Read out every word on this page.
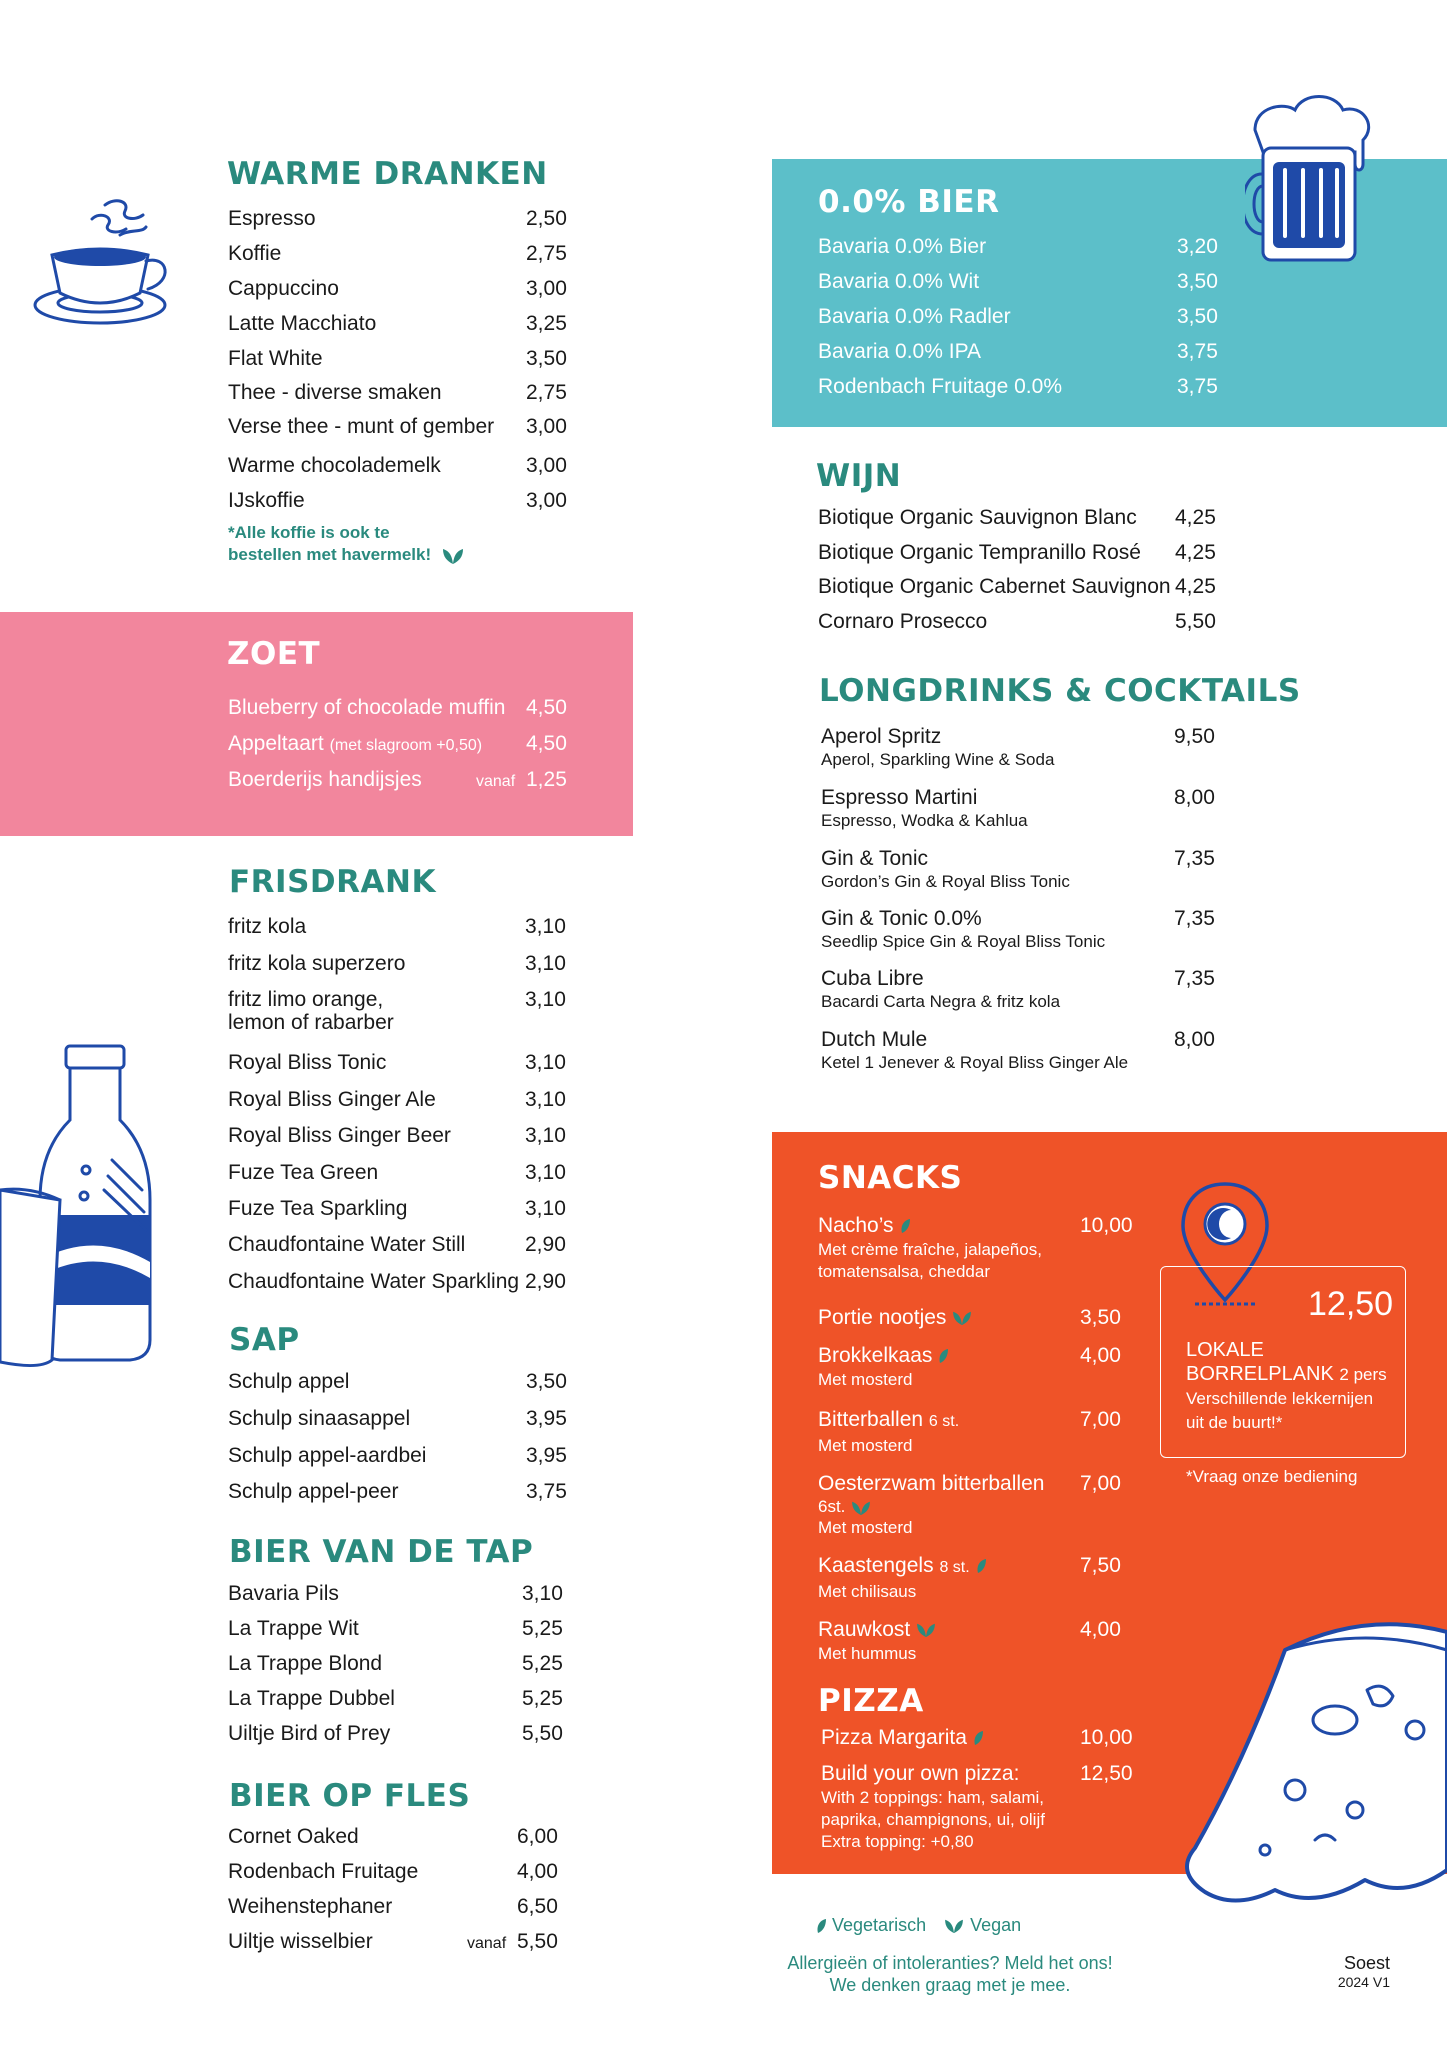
WARME DRANKEN
Espresso	2,50
Koffie	2,75
Cappuccino	3,00
Latte Macchiato	3,25
Flat White	3,50
Thee - diverse smaken	2,75
Verse thee - munt of gember 3,00
Warme chocolademelk	3,00
IJskoffie	3,00
*Alle koffie is ook te
bestellen met havermelk!
ZOET
Blueberry of chocolade muffin 4,50
Appeltaart (met slagroom +0,50) 4,50
Boerderijs handijsjes	1,25
vanaf
FRISDRANK
fritz kola	3,10
fritz kola superzero	3,10
fritz limo orange,	3,10
lemon of rabarber
Royal Bliss Tonic	3,10
Royal Bliss Ginger Ale	3,10
Royal Bliss Ginger Beer	3,10
Fuze Tea Green	3,10
Fuze Tea Sparkling	3,10
Chaudfontaine Water Still	2,90
Chaudfontaine Water Sparkling 2,90
SAP
Schulp appel	3,50
Schulp sinaasappel	3,95
Schulp appel-aardbei	3,95
Schulp appel-peer	3,75
BIER VAN DE TAP
Bavaria Pils	3,10
La Trappe Wit	5,25
La Trappe Blond	5,25
La Trappe Dubbel	5,25
Uiltje Bird of Prey	5,50
BIER OP FLES
Cornet Oaked	6,00
Rodenbach Fruitage	4,00
Weihenstephaner	6,50
Uiltje wisselbier	5,50
vanaf
0.0% BIER
Bavaria 0.0% Bier	3,20
Bavaria 0.0% Wit	3,50
Bavaria 0.0% Radler	3,50
Bavaria 0.0% IPA	3,75
Rodenbach Fruitage 0.0%	3,75
WIJN
Biotique Organic Sauvignon Blanc 4,25
Biotique Organic Tempranillo Rosé 4,25
Biotique Organic Cabernet Sauvignon 4,25
Cornaro Prosecco	5,50
LONGDRINKS & COCKTAILS
Aperol Spritz	9,50
Aperol, Sparkling Wine & Soda
Espresso Martini	8,00
Espresso, Wodka & Kahlua
Gin & Tonic	7,35
Gordon’s Gin & Royal Bliss Tonic
Gin & Tonic 0.0%	7,35
Seedlip Spice Gin & Royal Bliss Tonic
Cuba Libre	7,35
Bacardi Carta Negra & fritz kola
Dutch Mule	8,00
Ketel 1 Jenever & Royal Bliss Ginger Ale
SNACKS
Nacho’s	10,00
Met crème fraîche, jalapeños,
tomatensalsa, cheddar
Portie nootjes	3,50
Brokkelkaas	4,00
Met mosterd
Bitterballen 6 st.	7,00
Met mosterd
Oesterzwam bitterballen 7,00
6st.
Met mosterd
Kaastengels 8 st.	7,50
Met chilisaus
Rauwkost	4,00
Met hummus
12,50
LOKALE
BORRELPLANK 2 pers
Verschillende lekkernijen
uit de buurt!*
*Vraag onze bediening
PIZZA
Pizza Margarita	10,00
Build your own pizza:	12,50
With 2 toppings: ham, salami,
paprika, champignons, ui, olijf
Extra topping: +0,80
Vegetarisch Vegan
Allergieën of intoleranties? Meld het ons!
We denken graag met je mee.
Soest
2024 V1
